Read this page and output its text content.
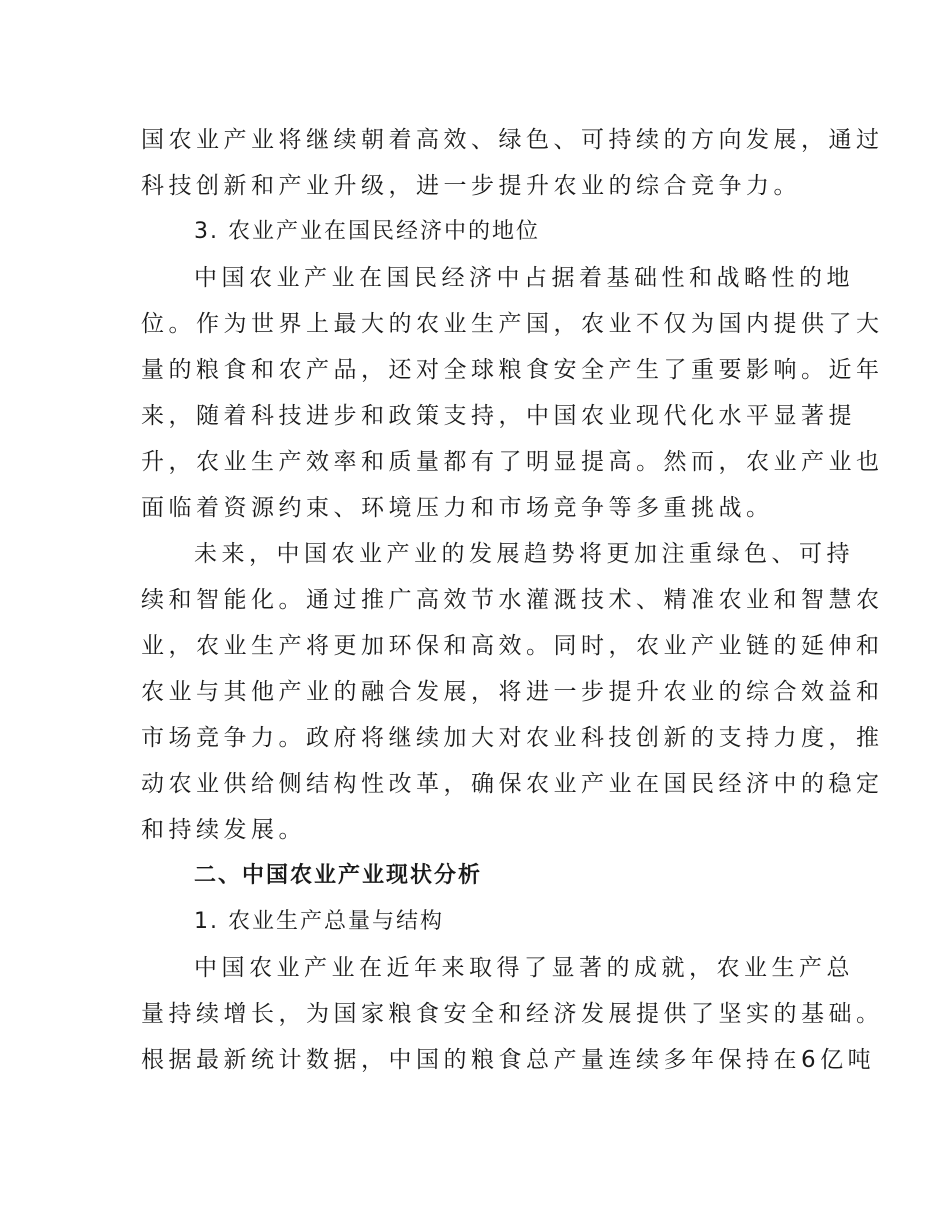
国农业产业将继续朝着高效、绿色、可持续的方向发展，通过
科技创新和产业升级，进一步提升农业的综合竞争力。
3. 农业产业在国民经济中的地位
中国农业产业在国民经济中占据着基础性和战略性的地
位。作为世界上最大的农业生产国，农业不仅为国内提供了大
量的粮食和农产品，还对全球粮食安全产生了重要影响。近年
来，随着科技进步和政策支持，中国农业现代化水平显著提
升，农业生产效率和质量都有了明显提高。然而，农业产业也
面临着资源约束、环境压力和市场竞争等多重挑战。
未来，中国农业产业的发展趋势将更加注重绿色、可持
续和智能化。通过推广高效节水灌溉技术、精准农业和智慧农
业，农业生产将更加环保和高效。同时，农业产业链的延伸和
农业与其他产业的融合发展，将进一步提升农业的综合效益和
市场竞争力。政府将继续加大对农业科技创新的支持力度，推
动农业供给侧结构性改革，确保农业产业在国民经济中的稳定
和持续发展。
二、中国农业产业现状分析
1. 农业生产总量与结构
中国农业产业在近年来取得了显著的成就，农业生产总
量持续增长，为国家粮食安全和经济发展提供了坚实的基础。
根据最新统计数据，中国的粮食总产量连续多年保持在6亿吨
